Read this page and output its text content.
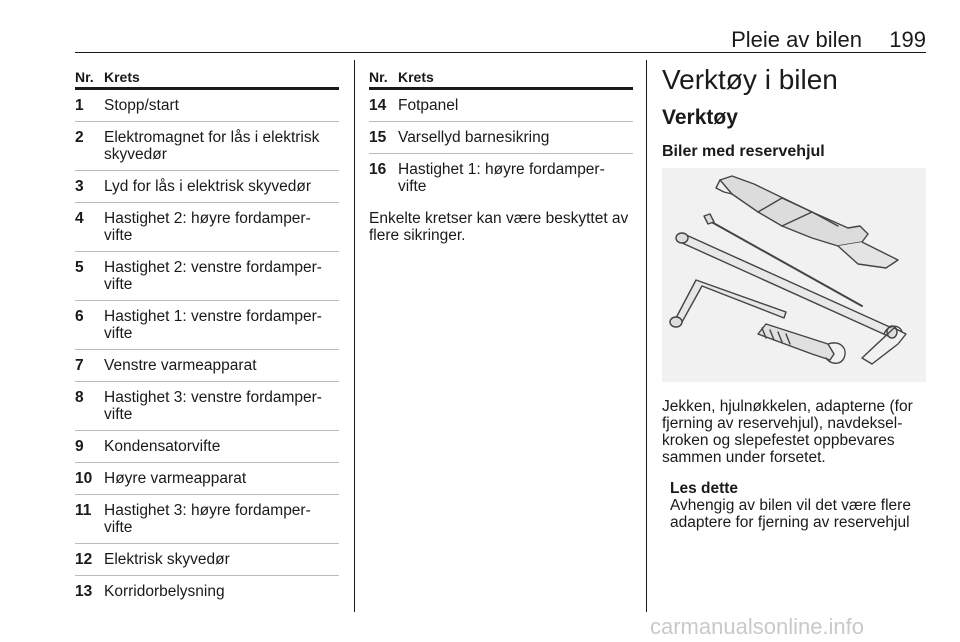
Pleie av bilen	199
Nr. Krets
1	Stopp/start
2	Elektromagnet for lås i elektrisk skyvedør
3	Lyd for lås i elektrisk skyvedør
4	Hastighet 2: høyre fordamper-vifte
5	Hastighet 2: venstre fordamper-vifte
6	Hastighet 1: venstre fordamper-vifte
7	Venstre varmeapparat
8	Hastighet 3: venstre fordamper-vifte
9	Kondensatorvifte
10 Høyre varmeapparat
11 Hastighet 3: høyre fordamper-vifte
12 Elektrisk skyvedør
13 Korridorbelysning
Nr. Krets
14 Fotpanel
15 Varsellyd barnesikring
16 Hastighet 1: høyre fordamper-vifte
Enkelte kretser kan være beskyttet av flere sikringer.
Verktøy i bilen
Verktøy
Biler med reservehjul
Jekken, hjulnøkkelen, adapterne (for fjerning av reservehjul), navdeksel-kroken og slepefestet oppbevares sammen under forsetet.
Les dette
Avhengig av bilen vil det være flere adaptere for fjerning av reservehjul
carmanualsonline.info
